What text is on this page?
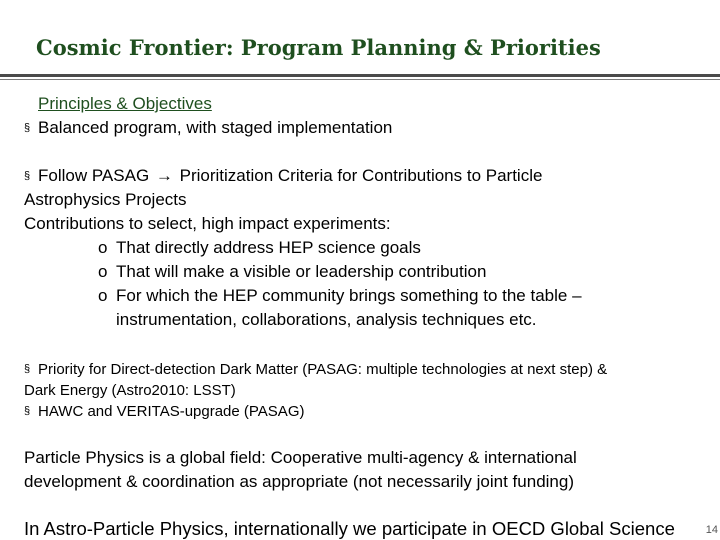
Cosmic Frontier: Program Planning & Priorities
Principles & Objectives
§ Balanced program, with staged implementation
§ Follow PASAG → Prioritization Criteria for Contributions to Particle
Astrophysics Projects
Contributions to select, high impact experiments:
o That directly address HEP science goals
o That will make a visible or leadership contribution
o For which the HEP community brings something to the table –
instrumentation, collaborations, analysis techniques etc.
§ Priority for Direct-detection Dark Matter (PASAG: multiple technologies at next step) &
Dark Energy (Astro2010: LSST)
§ HAWC and VERITAS-upgrade (PASAG)
Particle Physics is a global field: Cooperative multi-agency & international
development & coordination as appropriate (not necessarily joint funding)
In Astro-Particle Physics, internationally we participate in OECD Global Science	14
